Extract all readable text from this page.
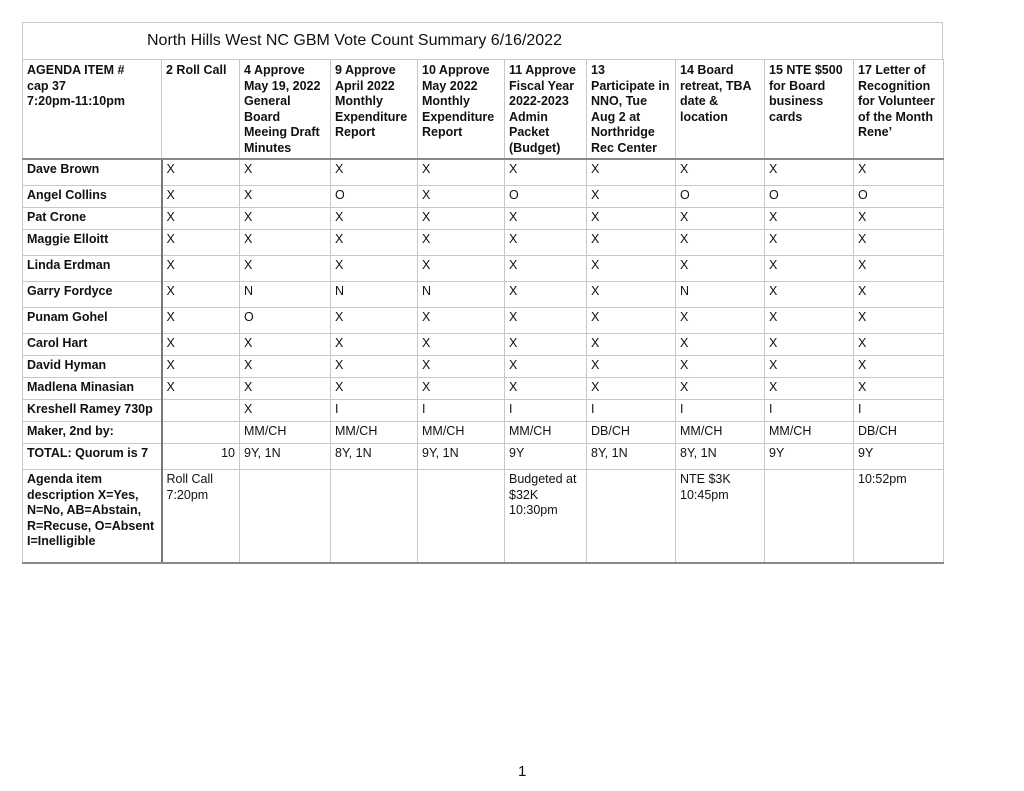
North Hills West NC GBM Vote Count Summary 6/16/2022
AGENDA ITEM #
cap 37
7:20pm-11:10pm	2 Roll Call	4 Approve May 19, 2022 General Board Meeing Draft Minutes	9 Approve April 2022 Monthly Expenditure Report	10 Approve May 2022 Monthly Expenditure Report	11 Approve Fiscal Year 2022-2023 Admin Packet (Budget)	13 Participate in NNO, Tue Aug 2 at Northridge Rec Center	14 Board retreat, TBA date & location	15 NTE $500 for Board business cards	17 Letter of Recognition for Volunteer of the Month Rene’
Dave Brown	X	X	X	X	X	X	X	X	X
Angel Collins	X	X	O	X	O	X	O	O	O
Pat Crone	X	X	X	X	X	X	X	X	X
Maggie Elloitt	X	X	X	X	X	X	X	X	X
Linda Erdman	X	X	X	X	X	X	X	X	X
Garry Fordyce	X	N	N	N	X	X	N	X	X
Punam Gohel	X	O	X	X	X	X	X	X	X
Carol Hart	X	X	X	X	X	X	X	X	X
David Hyman	X	X	X	X	X	X	X	X	X
Madlena Minasian	X	X	X	X	X	X	X	X	X
Kreshell Ramey 730p		X	I	I	I	I	I	I	I
Maker, 2nd by:		MM/CH	MM/CH	MM/CH	MM/CH	DB/CH	MM/CH	MM/CH	DB/CH
TOTAL: Quorum is 7	10	9Y, 1N	8Y, 1N	9Y, 1N	9Y	8Y, 1N	8Y, 1N	9Y	9Y
Agenda item description X=Yes, N=No, AB=Abstain, R=Recuse, O=Absent I=Inelligible	Roll Call 7:20pm				Budgeted at $32K 10:30pm		NTE $3K 10:45pm		10:52pm
1
